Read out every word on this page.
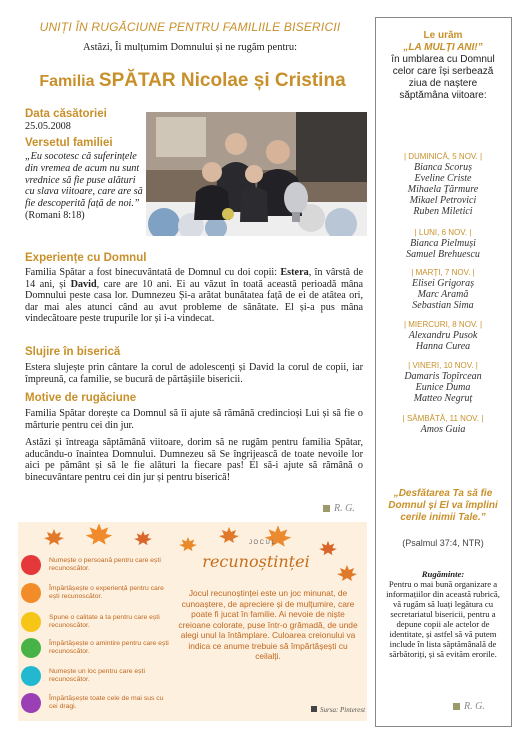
UNIȚI ÎN RUGĂCIUNE PENTRU FAMILIILE BISERICII
Astăzi, Îi mulțumim Domnului și ne rugăm pentru:
Familia SPĂTAR Nicolae și Cristina
Data căsătoriei
25.05.2008
Versetul familiei
„Eu socotesc că suferințele din vremea de acum nu sunt vrednice să fie puse alături cu slava viitoare, care are să fie descoperită față de noi.” (Romani 8:18)
Experiențe cu Domnul
Familia Spătar a fost binecuvântată de Domnul cu doi copii: Estera, în vârstă de 14 ani, și David, care are 10 ani. Ei au văzut în toată această perioadă mâna Domnului peste casa lor. Dumnezeu Și-a arătat bunătatea față de ei de atâtea ori, dar mai ales atunci când au avut probleme de sănătate. El și-a pus mâna vindecătoare peste trupurile lor și i-a vindecat.
Slujire în biserică
Estera slujește prin cântare la corul de adolescenți și David la corul de copii, iar împreună, ca familie, se bucură de părtășiile bisericii.
Motive de rugăciune
Familia Spătar dorește ca Domnul să îi ajute să rămână credincioși Lui și să fie o mărturie pentru cei din jur.
Astăzi și întreaga săptămână viitoare, dorim să ne rugăm pentru familia Spătar, aducându-o înaintea Domnului. Dumnezeu să Se îngrijească de toate nevoile lor aici pe pământ și să le fie alături la fiecare pas! El să-i ajute să rămână o binecuvântare pentru cei din jur și pentru biserică!
R. G.
Le urăm
„LA MULȚI ANI!”
în umblarea cu Domnul celor care își serbează ziua de naștere săptămâna viitoare:
| DUMINICĂ, 5 NOV. |
Bianca Scoruș
Eveline Criste
Mihaela Țărmure
Mikael Petrovici
Ruben Miletici
| LUNI, 6 NOV. |
Bianca Pielmuși
Samuel Brehuescu
| MARȚI, 7 NOV. |
Elisei Grigoraș
Marc Aramă
Sebastian Sima
| MIERCURI, 8 NOV. |
Alexandru Pusok
Hanna Curea
| VINERI, 10 NOV. |
Damaris Topîrcean
Eunice Duma
Matteo Negruț
| SÂMBĂTĂ, 11 NOV. |
Amos Guia
„Desfătarea Ta să fie Domnul și El va împlini cerile inimii Tale.”
(Psalmul 37:4, NTR)
Rugăminte:
Pentru o mai bună organizare a informațiilor din această rubrică, vă rugăm să luați legătura cu secretariatul bisericii, pentru a depune copii ale actelor de identitate, și astfel să vă putem include în lista săptămânală de sărbătoriți, și să evităm erorile.
R. G.
Numește o persoană pentru care ești recunoscător.
Împărtășește o experiență pentru care ești recunoscător.
Spune o calitate a ta pentru care ești recunoscător.
Împărtășește o amintire pentru care ești recunoscător.
Numește un loc pentru care ești recunoscător.
Împărtășește toate cele de mai sus cu cei dragi.
JOCUL
recunoștinței
Jocul recunoștinței este un joc minunat, de cunoaștere, de apreciere și de mulțumire, care poate fi jucat în familie. Ai nevoie de niște creioane colorate, puse într-o grămadă, de unde alegi unul la întâmplare. Culoarea creionului va indica ce anume trebuie să împărtășești cu ceilalți.
Sursa: Pinterest
